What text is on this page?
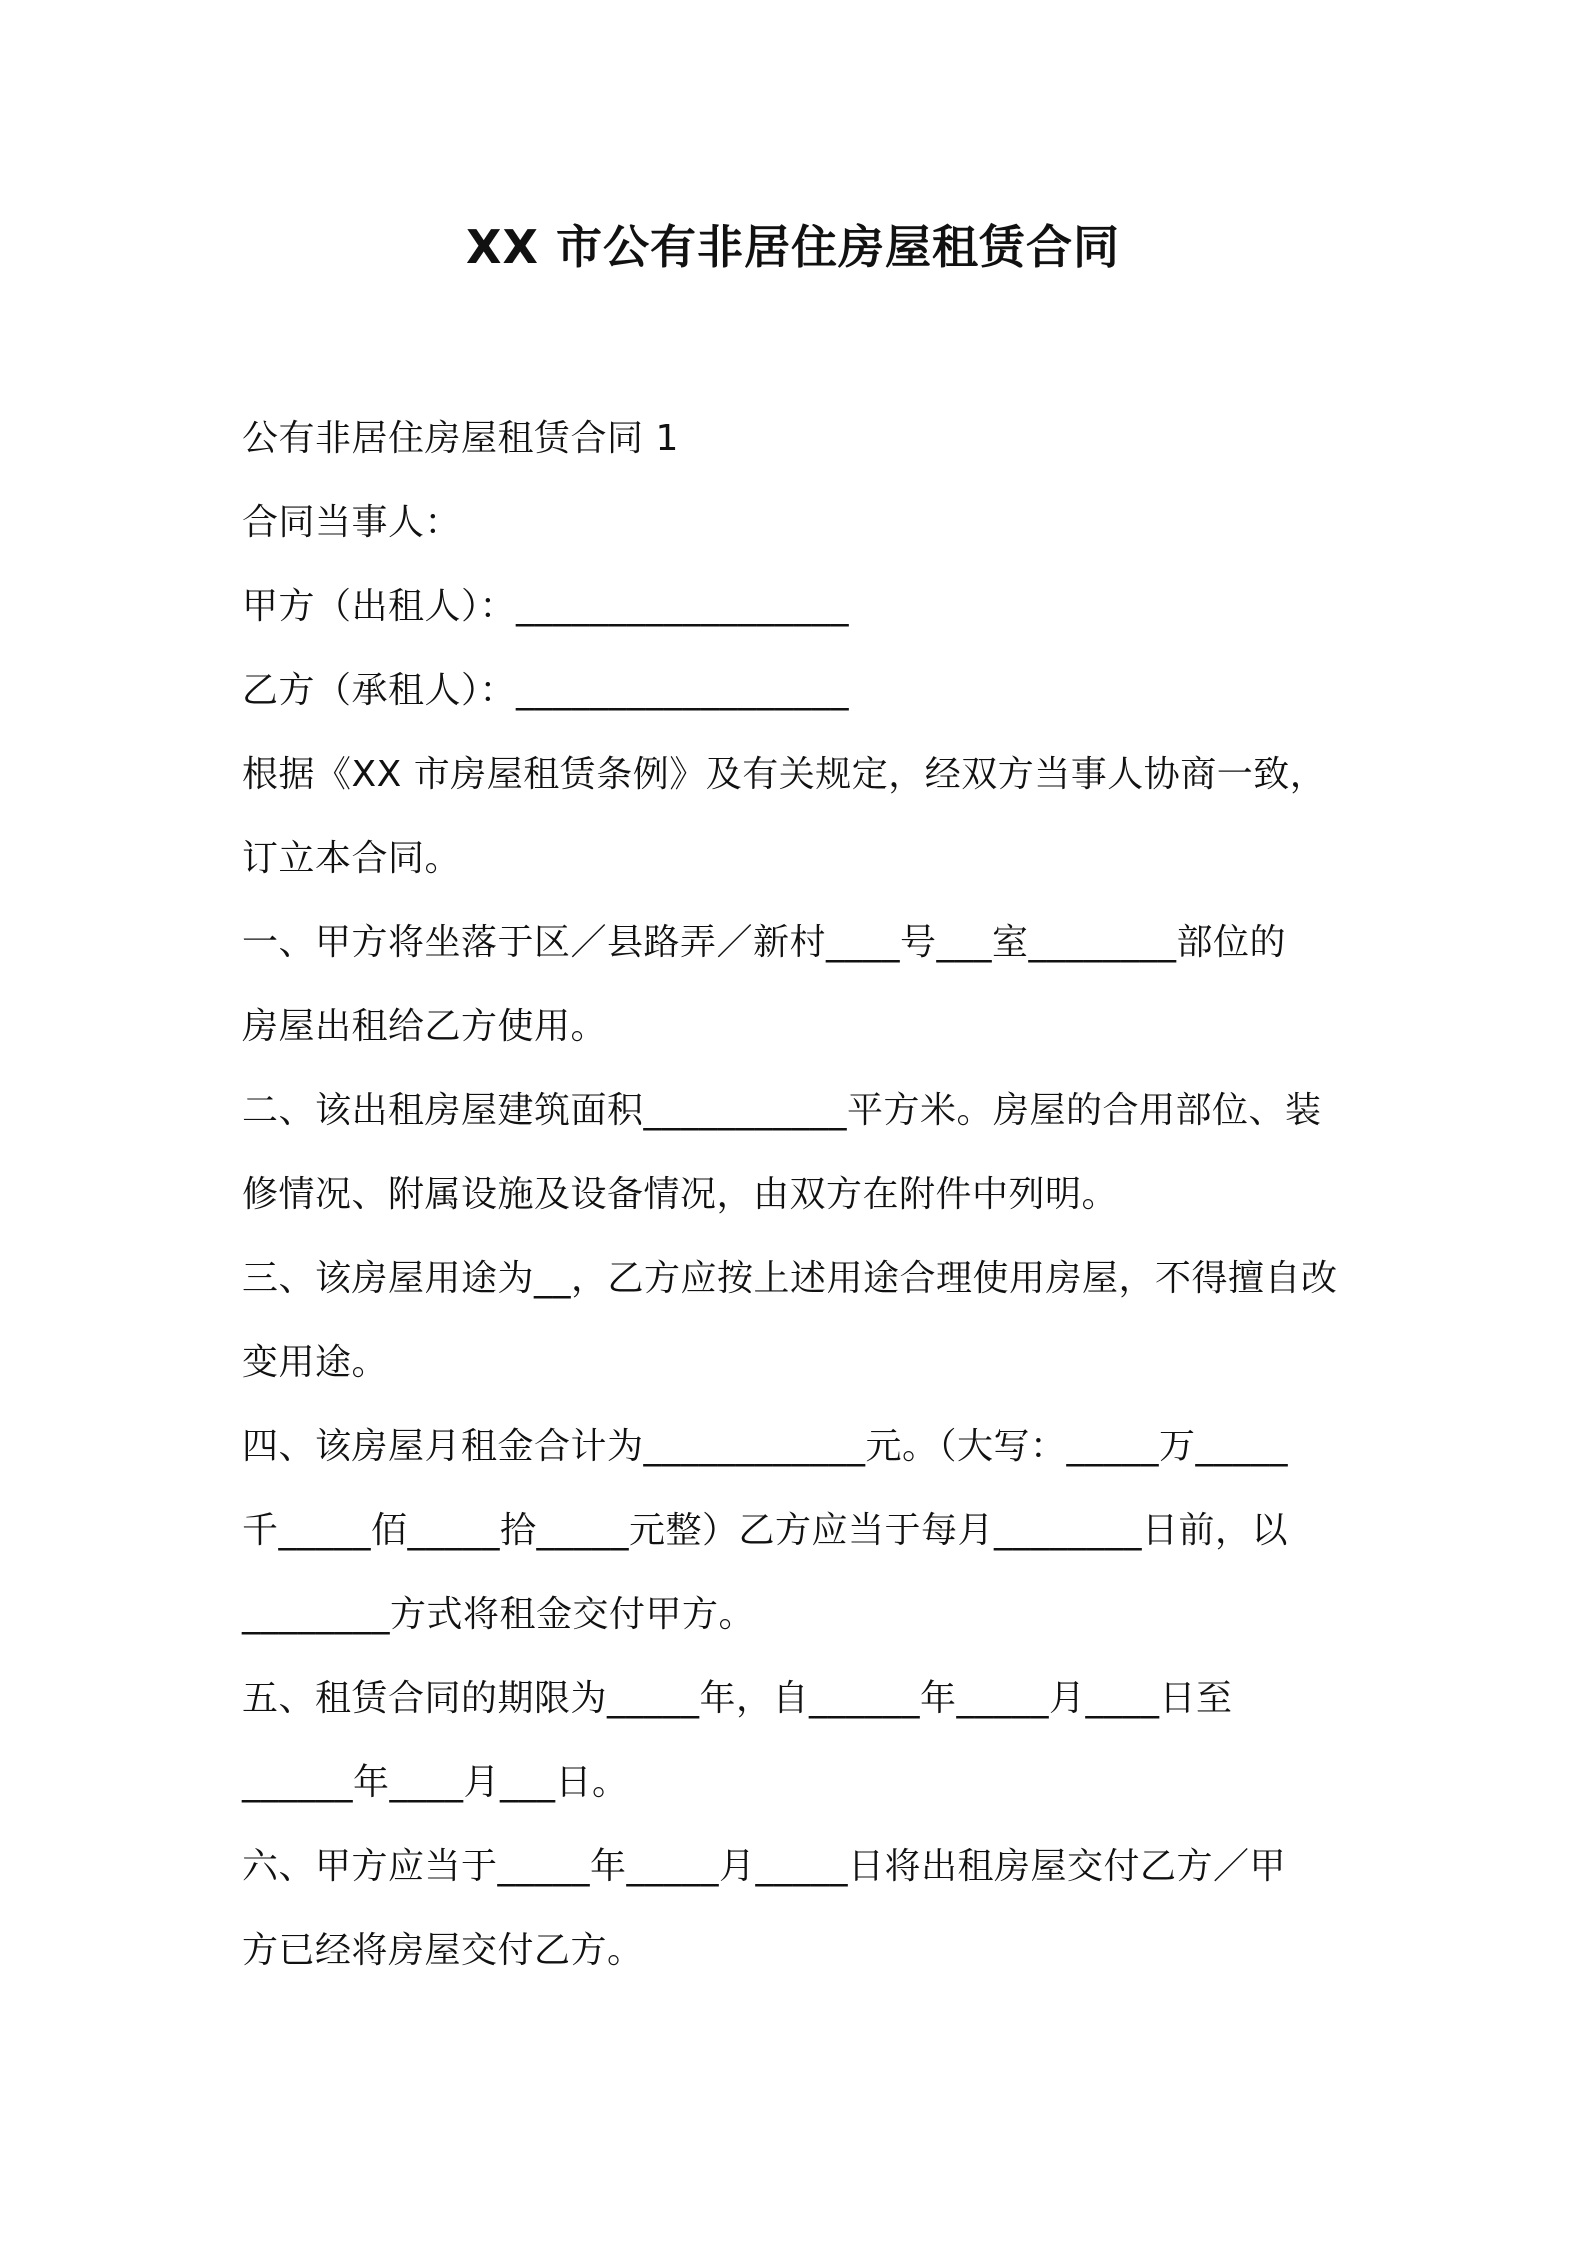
XX 市公有非居住房屋租赁合同
公有非居住房屋租赁合同 1
合同当事人：
甲方（出租人）：__________________
乙方（承租人）：__________________
根据《XX 市房屋租赁条例》及有关规定，经双方当事人协商一致，
订立本合同。
一、甲方将坐落于区／县路弄／新村____号___室________部位的
房屋出租给乙方使用。
二、该出租房屋建筑面积___________平方米。房屋的合用部位、装
修情况、附属设施及设备情况，由双方在附件中列明。
三、该房屋用途为__，乙方应按上述用途合理使用房屋，不得擅自改
变用途。
四、该房屋月租金合计为____________元。（大写：_____万_____
千_____佰_____拾_____元整）乙方应当于每月________日前，以
________方式将租金交付甲方。
五、租赁合同的期限为_____年，自______年_____月____日至
______年____月___日。
六、甲方应当于_____年_____月_____日将出租房屋交付乙方／甲
方已经将房屋交付乙方。
